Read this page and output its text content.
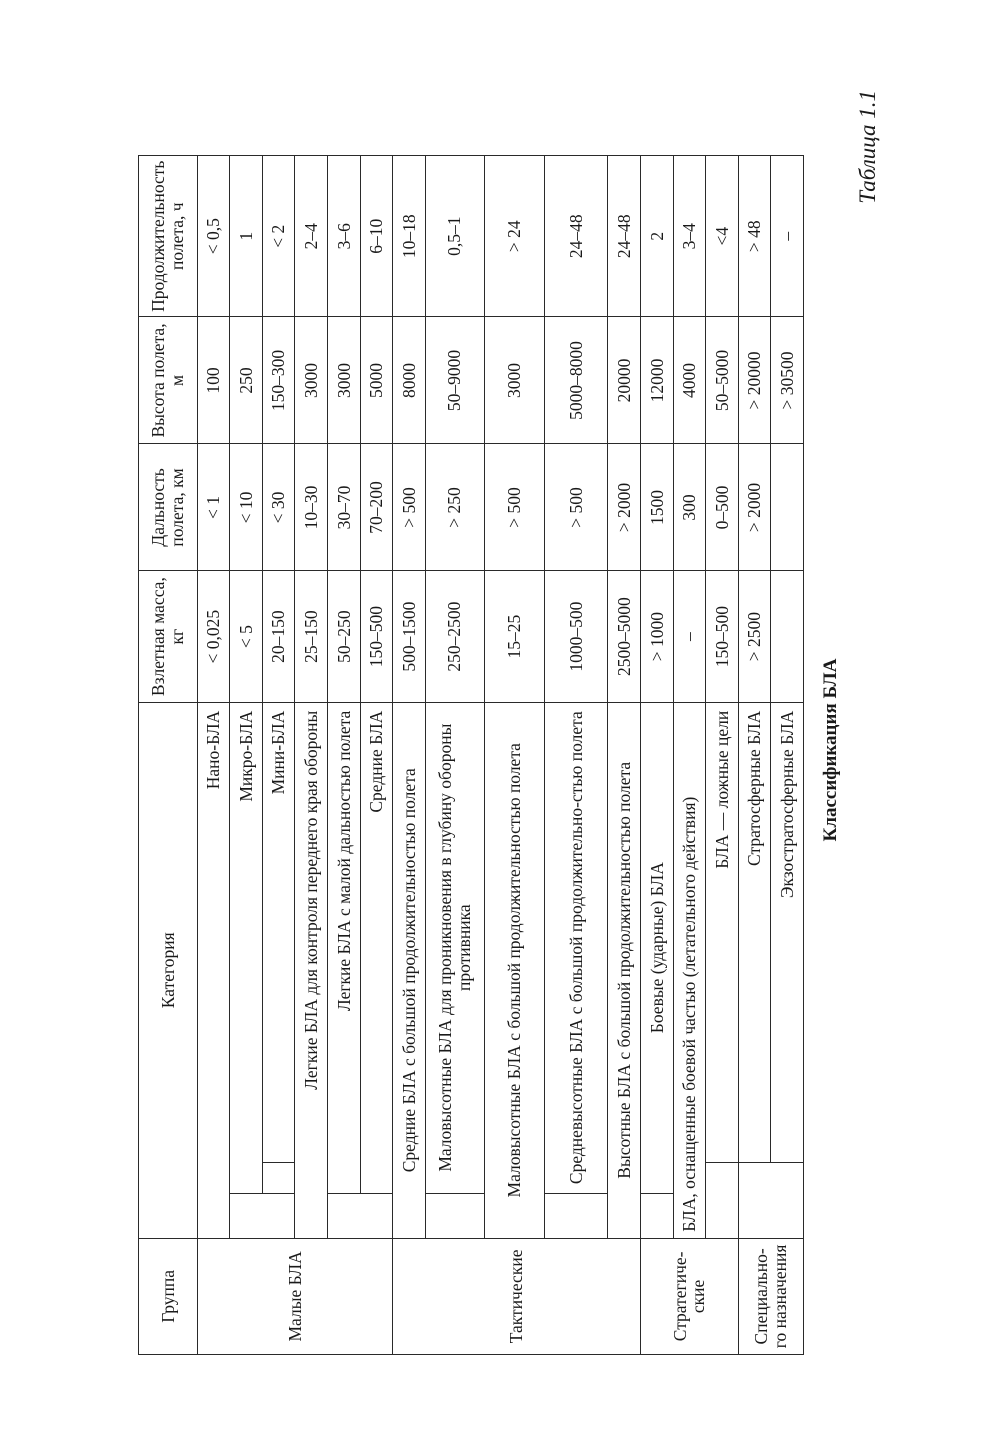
Таблица 1.1
Классификация БЛА
Группа	Категория			Взлетная масса, кг	Дальность полета, км	Высота полета, м	Продолжительность полета, ч
Малые БЛА	Нано-БЛА			< 0,025	< 1	100	< 0,5
		Микро-БЛА		< 5	< 10	250	1
			Мини-БЛА	20–150	< 30	150–300	< 2
	Легкие БЛА для контроля переднего края обороны			25–150	10–30	3000	2–4
		Легкие БЛА с малой дальностью полета		50–250	30–70	3000	3–6
		Средние БЛА		150–500	70–200	5000	6–10
Тактические	Средние БЛА с большой продолжительностью полета			500–1500	> 500	8000	10–18
		Маловысотные БЛА для проникновения в глубину обороны противника		250–2500	> 250	50–9000	0,5–1
	Маловысотные БЛА с большой продолжительностью полета			15–25	> 500	3000	> 24
		Средневысотные БЛА с большой продолжительно-стью полета		1000–500	> 500	5000–8000	24–48
	Высотные БЛА с большой продолжительностью полета			2500–5000	> 2000	20000	24–48
Стратегиче-ские		Боевые (ударные) БЛА		> 1000	1500	12000	2
	БЛА, оснащенные боевой частью (летательного действия)			–	300	4000	3–4
			БЛА — ложные цели	150–500	0–500	50–5000	<4
Специально-го назначения			Стратосферные БЛА	> 2500	> 2000	> 20000	> 48
			Экзостратосферные БЛА			> 30500	–
